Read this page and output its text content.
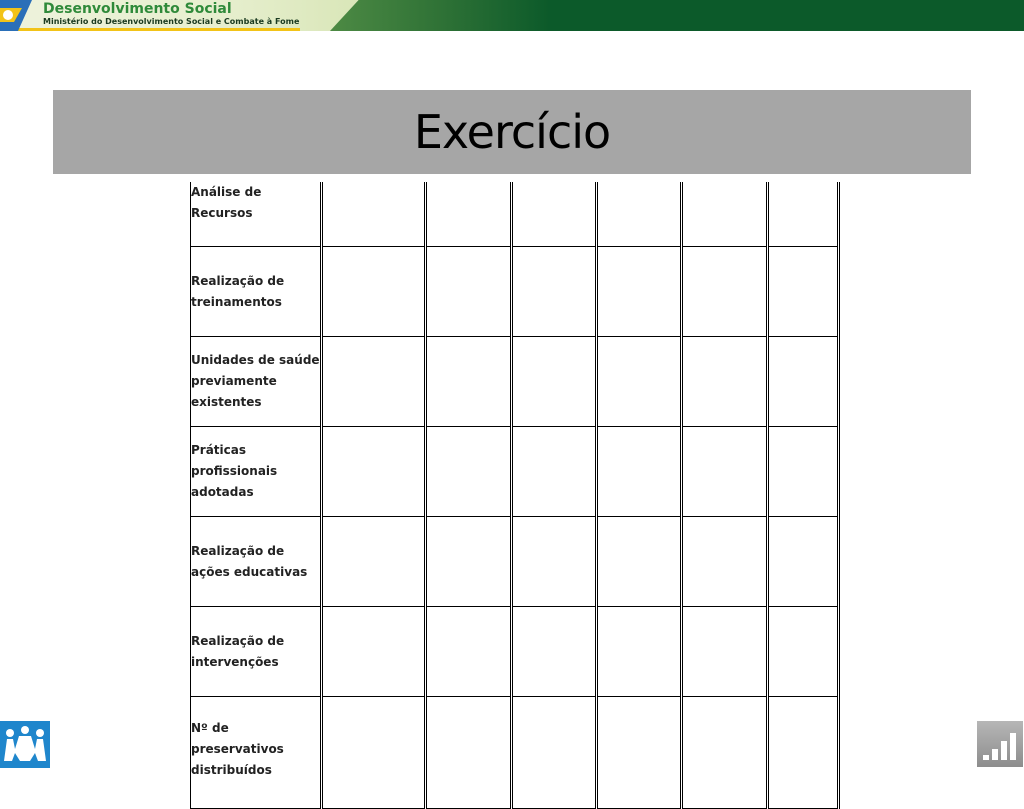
Desenvolvimento Social
Ministério do Desenvolvimento Social e Combate à Fome
Exercício
Análise de Recursos						
Realização de treinamentos						
Unidades de saúde previamente existentes						
Práticas profissionais adotadas						
Realização de ações educativas						
Realização de intervenções						
Nº de preservativos distribuídos						
